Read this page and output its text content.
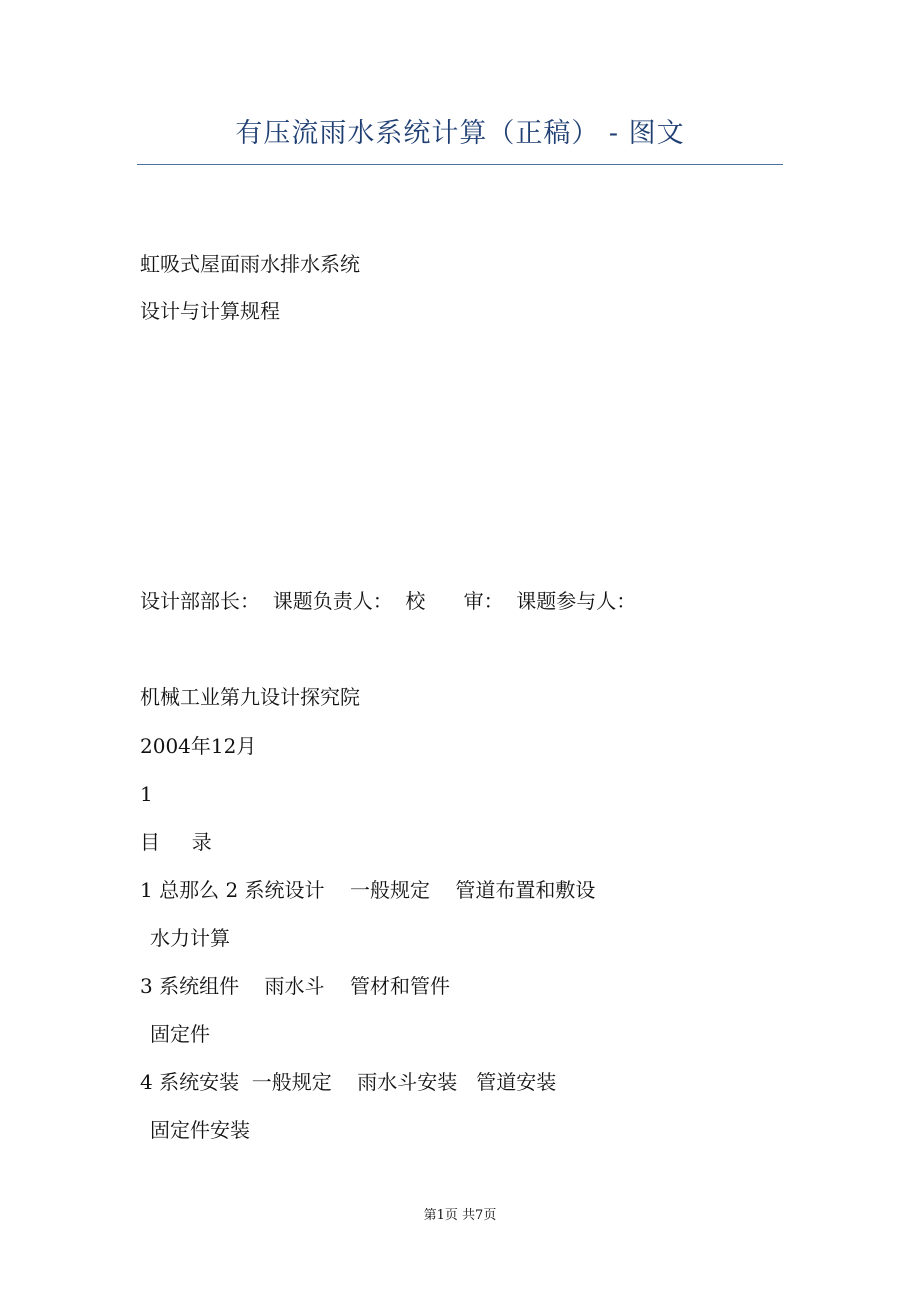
有压流雨水系统计算（正稿） - 图文
虹吸式屋面雨水排水系统
设计与计算规程
设计部部长：  课题负责人：  校      审：  课题参与人：
机械工业第九设计探究院
2004年12月
1
目     录
1 总那么 2 系统设计    一般规定    管道布置和敷设
水力计算
3 系统组件    雨水斗    管材和管件
固定件
4 系统安装  一般规定    雨水斗安装   管道安装
固定件安装
第1页 共7页
